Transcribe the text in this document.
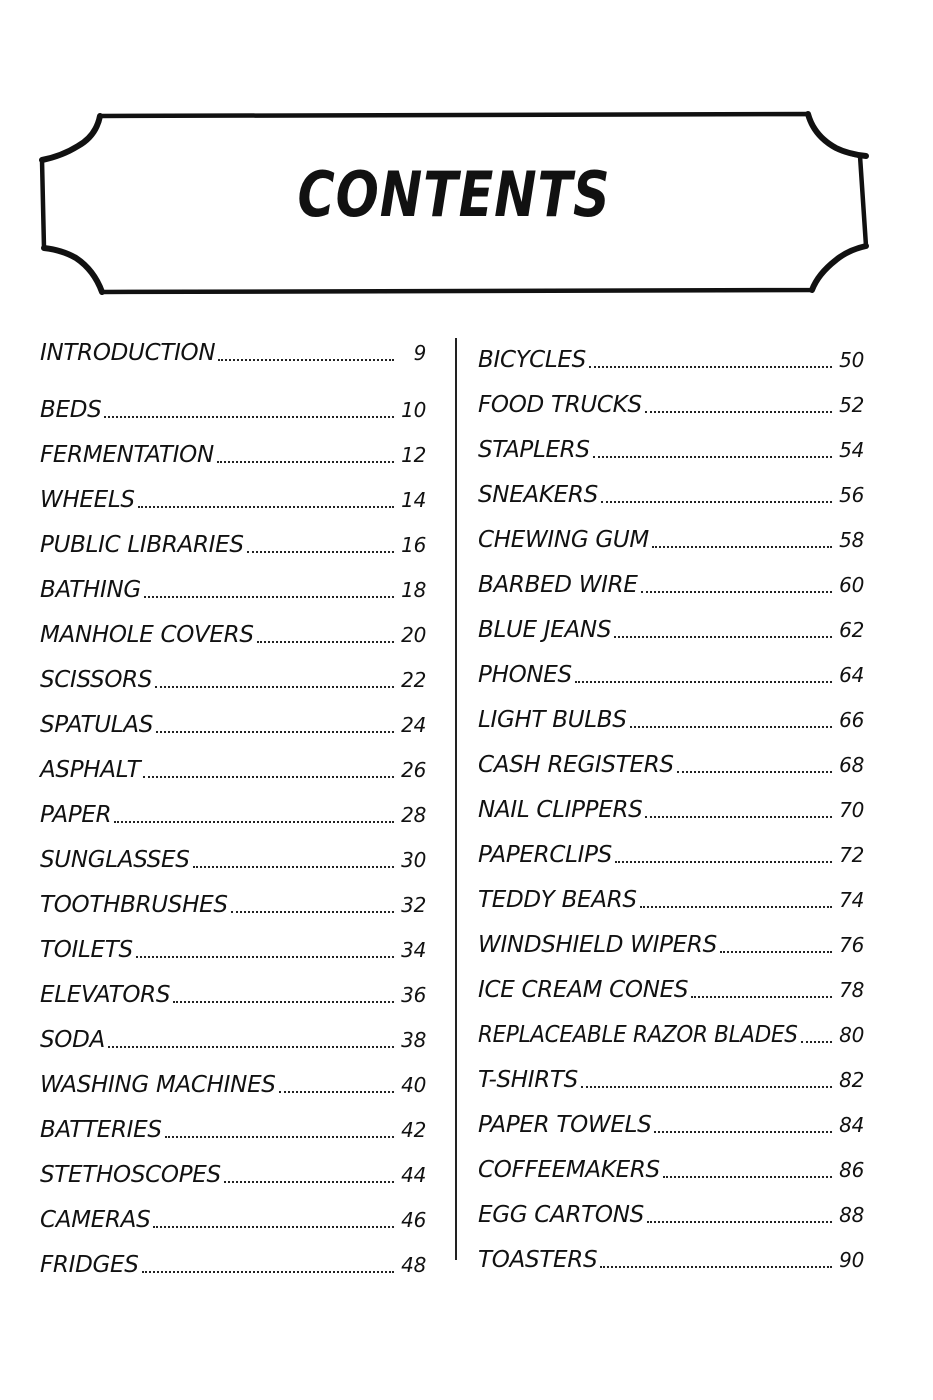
CONTENTS
INTRODUCTION	9
BEDS	10
FERMENTATION	12
WHEELS	14
PUBLIC LIBRARIES	16
BATHING	18
MANHOLE COVERS	20
SCISSORS	22
SPATULAS	24
ASPHALT	26
PAPER	28
SUNGLASSES	30
TOOTHBRUSHES	32
TOILETS	34
ELEVATORS	36
SODA	38
WASHING MACHINES	40
BATTERIES	42
STETHOSCOPES	44
CAMERAS	46
FRIDGES	48
BICYCLES	50
FOOD TRUCKS	52
STAPLERS	54
SNEAKERS	56
CHEWING GUM	58
BARBED WIRE	60
BLUE JEANS	62
PHONES	64
LIGHT BULBS	66
CASH REGISTERS	68
NAIL CLIPPERS	70
PAPERCLIPS	72
TEDDY BEARS	74
WINDSHIELD WIPERS	76
ICE CREAM CONES	78
REPLACEABLE RAZOR BLADES 80
T-SHIRTS	82
PAPER TOWELS	84
COFFEEMAKERS	86
EGG CARTONS	88
TOASTERS	90
